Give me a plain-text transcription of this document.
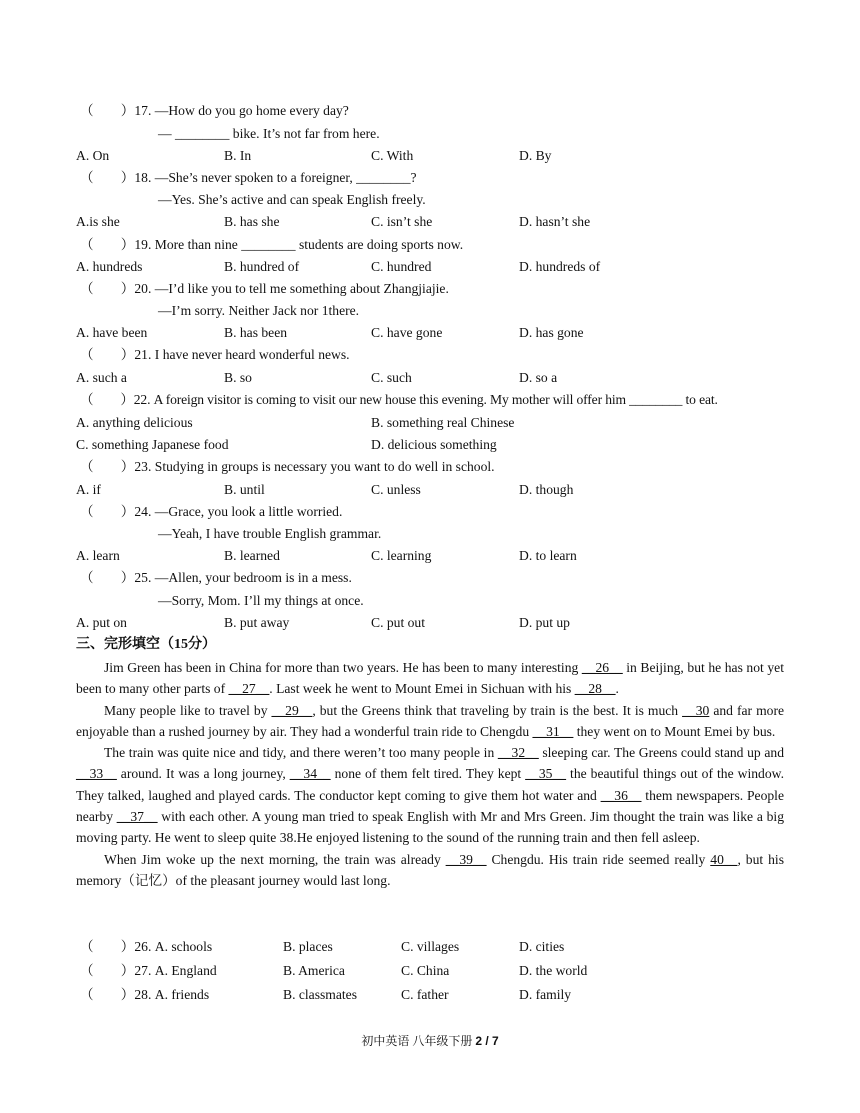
（　　）17. —How do you go home every day?
— ________ bike. It’s not far from here.
A. On	B. In	C. With	D. By
（　　）18. —She’s never spoken to a foreigner, ________?
—Yes. She’s active and can speak English freely.
A.is she	B. has she	C. isn’t she	D. hasn’t she
（　　）19. More than nine ________ students are doing sports now.
A. hundreds	B. hundred of	C. hundred	D. hundreds of
（　　）20. —I’d like you to tell me something about Zhangjiajie.
—I’m sorry. Neither Jack nor 1there.
A. have been	B. has been	C. have gone	D. has gone
（　　）21. I have never heard wonderful news.
A. such a	B. so	C. such	D. so a
（　　）22. A foreign visitor is coming to visit our new house this evening. My mother will offer him ________ to eat.
A. anything delicious	B. something real Chinese
C. something Japanese food	D. delicious something
（　　）23. Studying in groups is necessary you want to do well in school.
A. if	B. until	C. unless	D. though
（　　）24. —Grace, you look a little worried.
—Yeah, I have trouble English grammar.
A. learn	B. learned	C. learning	D. to learn
（　　）25. —Allen, your bedroom is in a mess.
—Sorry, Mom. I’ll my things at once.
A. put on	B. put away	C. put out	D. put up
三、完形填空（15分）
Jim Green has been in China for more than two years. He has been to many interesting __26__ in Beijing, but he has not yet been to many other parts of __27__. Last week he went to Mount Emei in Sichuan with his __28__.
Many people like to travel by __29__, but the Greens think that traveling by train is the best. It is much __30 and far more enjoyable than a rushed journey by air. They had a wonderful train ride to Chengdu __31__ they went on to Mount Emei by bus.
The train was quite nice and tidy, and there weren’t too many people in __32__ sleeping car. The Greens could stand up and __33__ around. It was a long journey, __34__ none of them felt tired. They kept __35__ the beautiful things out of the window. They talked, laughed and played cards. The conductor kept coming to give them hot water and __36__ them newspapers. People nearby __37__ with each other. A young man tried to speak English with Mr and Mrs Green. Jim thought the train was like a big moving party. He went to sleep quite 38.He enjoyed listening to the sound of the running train and then fell asleep.
When Jim woke up the next morning, the train was already __39__ Chengdu. His train ride seemed really 40__, but his memory（记忆）of the pleasant journey would last long.
（　　）26. A. schools	B. places	C. villages	D. cities
（　　）27. A. England	B. America	C. China	D. the world
（　　）28. A. friends	B. classmates	C. father	D. family
初中英语 八年级下册 2 / 7
